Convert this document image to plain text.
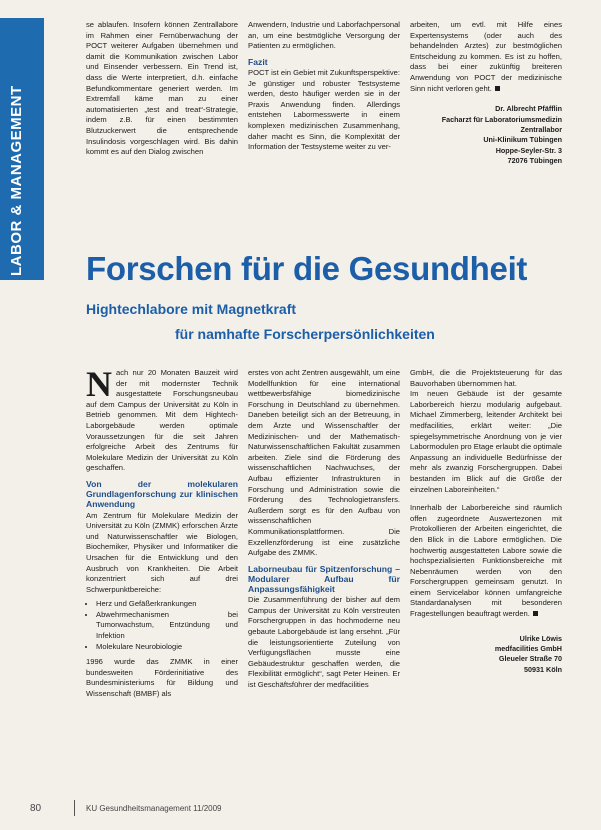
LABOR & MANAGEMENT

se ablaufen. Insofern können Zentrallabore im Rahmen einer Fernüberwachung der POCT weiterer Aufgaben übernehmen und damit die Kommunikation zwischen Labor und Einsender verbessern. Ein Trend ist, dass die Werte interpretiert, d.h. einfache Befundkommentare generiert werden. Im Extremfall käme man zu einer automatisierten „test and treat“-Strategie, indem z.B. für einen bestimmten Blutzuckerwert die entsprechende Insulindosis vorgeschlagen wird. Bis dahin kommt es auf den Dialog zwischen

Anwendern, Industrie und Laborfachpersonal an, um eine bestmögliche Versorgung der Patienten zu ermöglichen.

Fazit

POCT ist ein Gebiet mit Zukunftsperspektive: Je günstiger und robuster Testsysteme werden, desto häufiger werden sie in der Praxis Anwendung finden. Allerdings entstehen Labormesswerte in einem komplexen medizinischen Zusammenhang, daher macht es Sinn, die Komplexität der Information der Testsysteme weiter zu ver-

arbeiten, um evtl. mit Hilfe eines Expertensystems (oder auch des behandelnden Arztes) zur bestmöglichen Entscheidung zu kommen. Es ist zu hoffen, dass bei einer zukünftig breiteren Anwendung von POCT der medizinische Sinn nicht verloren geht.

Dr. Albrecht Pfäfflin
Facharzt für Laboratoriumsmedizin
Zentrallabor
Uni-Klinikum Tübingen
Hoppe-Seyler-Str. 3
72076 Tübingen
Forschen für die Gesundheit
Hightechlabore mit Magnetkraft
für namhafte Forscherpersönlichkeiten

Nach nur 20 Monaten Bauzeit wird der mit modernster Technik ausgestattete Forschungsneubau auf dem Campus der Universität zu Köln in Betrieb genommen. Mit dem Hightech-Laborgebäude werden optimale Voraussetzungen für die seit Jahren erfolgreiche Arbeit des Zentrums für Molekulare Medizin der Universität zu Köln geschaffen.

Von der molekularen Grundlagenforschung zur klinischen Anwendung

Am Zentrum für Molekulare Medizin der Universität zu Köln (ZMMK) erforschen Ärzte und Naturwissenschaftler wie Biologen, Biochemiker, Physiker und Informatiker die Ursachen für die Entwicklung und den Ausbruch von Krankheiten. Die Arbeit konzentriert sich auf drei Schwerpunktbereiche:

• Herz und Gefäßerkrankungen
• Abwehrmechanismen bei Tumorwachstum, Entzündung und Infektion
• Molekulare Neurobiologie

1996 wurde das ZMMK in einer bundesweiten Förderinitiative des Bundesministeriums für Bildung und Wissenschaft (BMBF) als

erstes von acht Zentren ausgewählt, um eine Modellfunktion für eine international wettbewerbsfähige biomedizinische Forschung in Deutschland zu übernehmen. Daneben beteiligt sich an der Betreuung, in dem Ärzte und Wissenschaftler der Medizinischen- und der Mathematisch-Naturwissenschaftlichen Fakultät zusammen arbeiten. Ziele sind die Förderung des wissenschaftlichen Nachwuchses, der Aufbau effizienter Infrastrukturen in Forschung und Administration sowie die Förderung des Technologietransfers. Außerdem sorgt es für den Aufbau von wissenschaftlichen Kommunikationsplattformen. Die Exzellenzförderung ist eine zusätzliche Aufgabe des ZMMK.

Laborneubau für Spitzenforschung – Modularer Aufbau für Anpassungsfähigkeit

Die Zusammenführung der bisher auf dem Campus der Universität zu Köln verstreuten Forschergruppen in das hochmoderne neu gebaute Laborgebäude ist lang ersehnt. „Für die leistungsorientierte Zuteilung von Verfügungsflächen musste eine Gebäudestruktur geschaffen werden, die Flexibilität ermöglicht“, sagt Peter Heinen. Er ist Geschäftsführer der medfacilities

GmbH, die die Projektsteuerung für das Bauvorhaben übernommen hat.

Im neuen Gebäude ist der gesamte Laborbereich hierzu modularig aufgebaut. Michael Zimmerberg, leitender Architekt bei medfacilities, erklärt weiter: „Die spiegelsymmetrische Anordnung von je vier Labormodulen pro Etage erlaubt die optimale Anpassung an individuelle Bedürfnisse der mehr als zwanzig Forschergruppen. Dabei bestanden im Blick auf die Größe der einzelnen Laboreinheiten.“

Innerhalb der Laborbereiche sind räumlich offen zugeordnete Auswertezonen mit Protokollieren der Arbeiten eingerichtet, die den Blick in die Labore ermöglichen. Die hochwertig ausgestatteten Labore sowie die hochspezialisierten Funktionsbereiche mit Nebenräumen werden von den Forschergruppen gemeinsam genutzt. In einem Servicelabor können umfangreiche Standardanalysen mit besonderen Fragestellungen beauftragt werden.

Ulrike Löwis
medfacilities GmbH
Gleueler Straße 70
50931 Köln
80	KU Gesundheitsmanagement 11/2009
